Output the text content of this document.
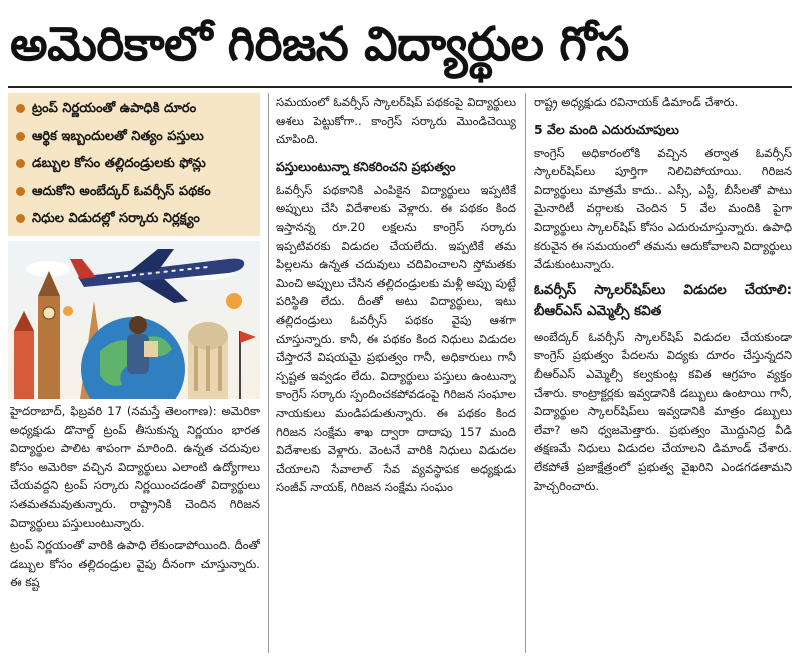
అమెరికాలో గిరిజన విద్యార్థుల గోస
ట్రంప్ నిర్ణయంతో ఉపాధికి దూరం
ఆర్థిక ఇబ్బందులతో నిత్యం పస్తులు
డబ్బుల కోసం తల్లిదండ్రులకు ఫోన్లు
ఆదుకోని అంబేద్కర్ ఓవర్సీస్ పథకం
నిధుల విడుదల్లో సర్కారు నిర్లక్ష్యం

హైదరాబాద్, ఫిబ్రవరి 17 (నమస్తే తెలంగాణ): అమెరికా అధ్యక్షుడు డొనాల్డ్ ట్రంప్ తీసుకున్న నిర్ణయం భారత విద్యార్థుల పాలిట శాపంగా మారింది. ఉన్నత చదువుల కోసం అమెరికా వచ్చిన విద్యార్థులు ఎలాంటి ఉద్యోగాలు చేయవద్దని ట్రంప్ సర్కారు నిర్ణయించడంతో విద్యార్థులు సతమతమవుతున్నారు. రాష్ట్రానికి చెందిన గిరిజన విద్యార్థులు పస్తులుంటున్నారు.

ట్రంప్ నిర్ణయంతో వారికి ఉపాధి లేకుండాపోయింది. దీంతో డబ్బుల కోసం తల్లిదండ్రుల వైపు దీనంగా చూస్తున్నారు. ఈ కష్ట

సమయంలో ఓవర్సీస్ స్కాలర్‌షిప్ పథకంపై విద్యార్థులు ఆశలు పెట్టుకోగా.. కాంగ్రెస్ సర్కారు మొండిచెయ్యి చూపింది.

పస్తులుంటున్నా కనికరించని ప్రభుత్వం

ఓవర్సీస్ పథకానికి ఎంపికైన విద్యార్థులు ఇప్పటికే అప్పులు చేసి విదేశాలకు వెళ్లారు. ఈ పథకం కింద ఇస్తానన్న రూ.20 లక్షలను కాంగ్రెస్ సర్కారు ఇప్పటివరకు విడుదల చేయలేదు. ఇప్పటికే తమ పిల్లలను ఉన్నత చదువులు చదివించాలని స్తోమతకు మించి అప్పులు చేసిన తల్లిదండ్రులకు మళ్లీ అప్పు పుట్టే పరిస్థితి లేదు. దీంతో అటు విద్యార్థులు, ఇటు తల్లిదండ్రులు ఓవర్సీస్ పథకం వైపు ఆశగా చూస్తున్నారు. కానీ, ఈ పథకం కింద నిధులు విడుదల చేస్తారనే విషయమై ప్రభుత్వం గానీ, అధికారులు గానీ స్పష్టత ఇవ్వడం లేదు. విద్యార్థులు పస్తులు ఉంటున్నా కాంగ్రెస్ సర్కారు స్పందించకపోవడంపై గిరిజన సంఘాల నాయకులు మండిపడుతున్నారు. ఈ పథకం కింద గిరిజన సంక్షేమ శాఖ ద్వారా దాదాపు 157 మంది విదేశాలకు వెళ్లారు. వెంటనే వారికి నిధులు విడుదల చేయాలని సేవాలాల్ సేవ వ్యవస్థాపక అధ్యక్షుడు సంజీవ్ నాయక్, గిరిజన సంక్షేమ సంఘం

రాష్ట్ర అధ్యక్షుడు రవినాయక్ డిమాండ్ చేశారు.

5 వేల మంది ఎదురుచూపులు

కాంగ్రెస్ అధికారంలోకి వచ్చిన తర్వాత ఓవర్సీస్ స్కాలర్‌షిప్‌లు పూర్తిగా నిలిచిపోయాయి. గిరిజన విద్యార్థులు మాత్రమే కాదు.. ఎస్సీ, ఎస్టీ, బీసీలతో పాటు మైనారిటీ వర్గాలకు చెందిన 5 వేల మందికి పైగా విద్యార్థులు స్కాలర్‌షిప్ కోసం ఎదురుచూస్తున్నారు. ఉపాధి కరువైన ఈ సమయంలో తమను ఆదుకోవాలని విద్యార్థులు వేడుకుంటున్నారు.

ఓవర్సీస్ స్కాలర్‌షిప్‌లు విడుదల చేయాలి: బీఆర్‌ఎస్ ఎమ్మెల్సీ కవిత

అంబేద్కర్ ఓవర్సీస్ స్కాలర్‌షిప్ విడుదల చేయకుండా కాంగ్రెస్ ప్రభుత్వం పేదలను విద్యకు దూరం చేస్తున్నదని బీఆర్‌ఎస్ ఎమ్మెల్సీ కల్వకుంట్ల కవిత ఆగ్రహం వ్యక్తం చేశారు. కాంట్రాక్టర్లకు ఇవ్వడానికి డబ్బులు ఉంటాయి గానీ, విద్యార్థుల స్కాలర్‌షిప్‌లు ఇవ్వడానికి మాత్రం డబ్బులు లేవా? అని ధ్వజమెత్తారు. ప్రభుత్వం మొద్దునిద్ర వీడి తక్షణమే నిధులు విడుదల చేయాలని డిమాండ్ చేశారు. లేకపోతే ప్రజాక్షేత్రంలో ప్రభుత్వ వైఖరిని ఎండగడతామని హెచ్చరించారు.
